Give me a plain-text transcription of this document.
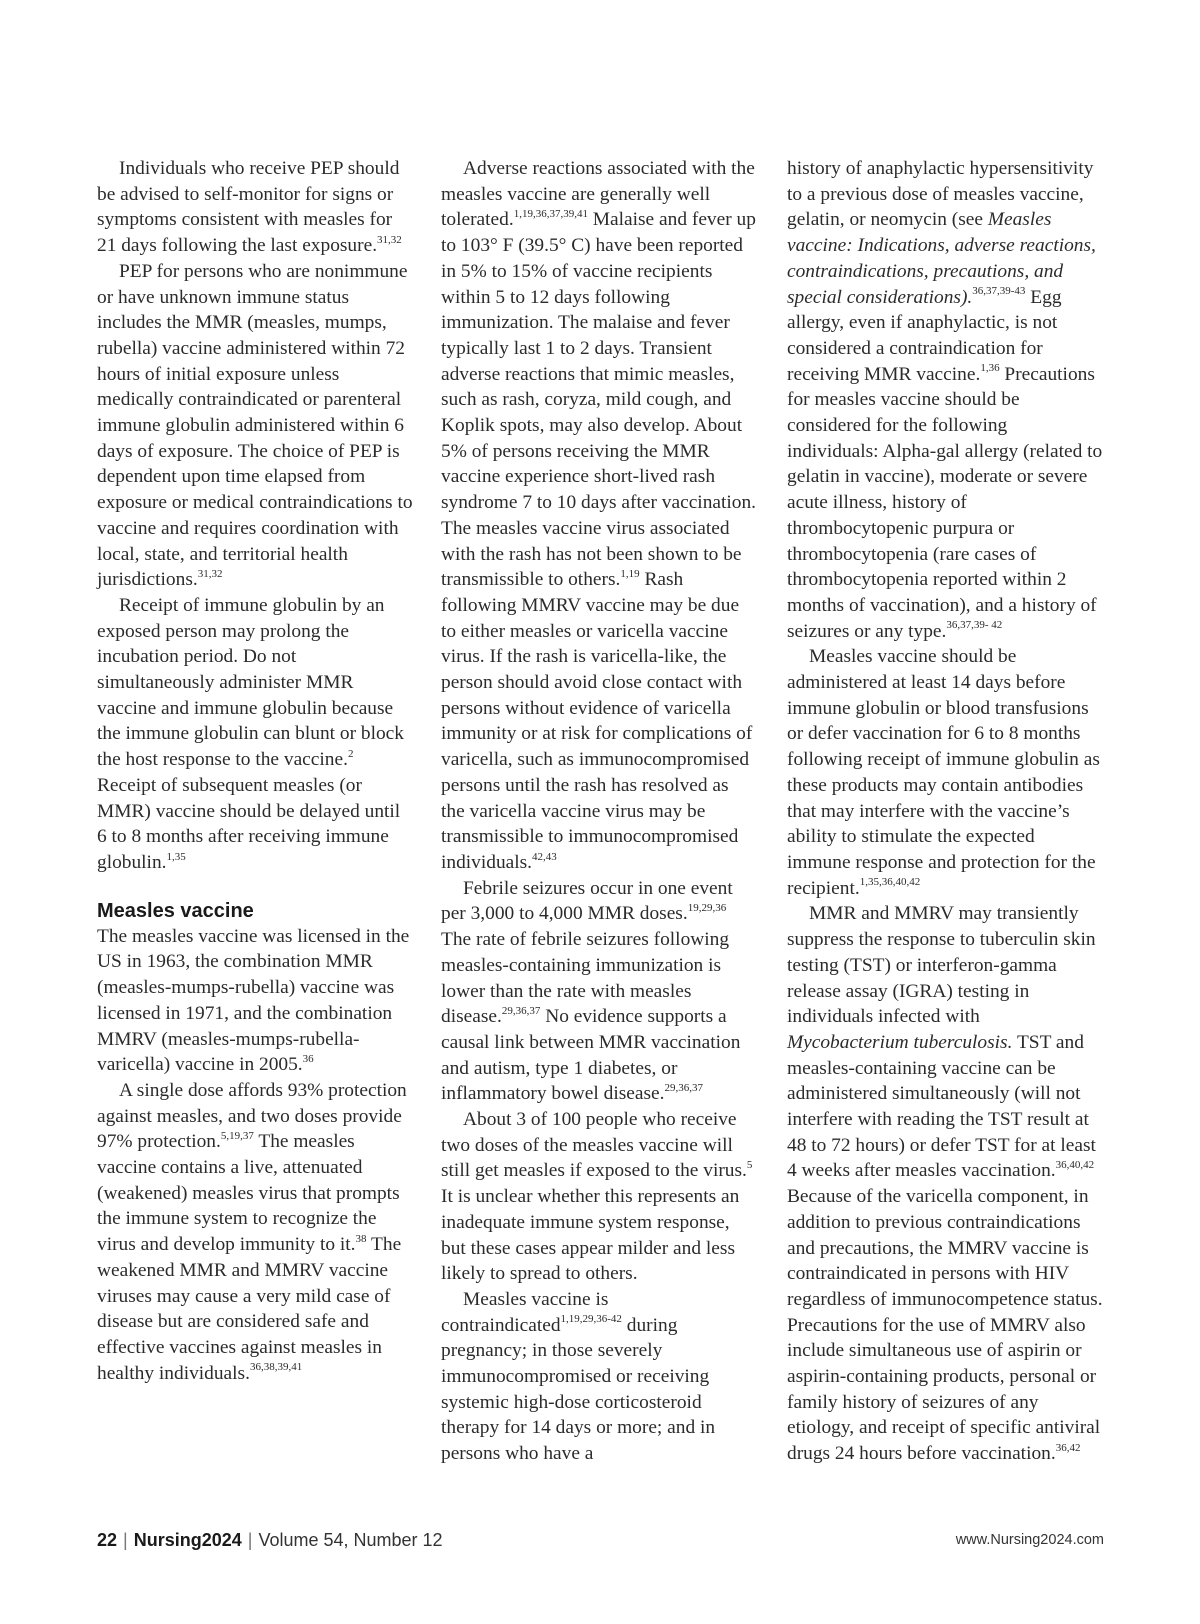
Individuals who receive PEP should be advised to self-monitor for signs or symptoms consistent with measles for 21 days following the last exposure.$^{31,32}$

PEP for persons who are nonimmune or have unknown immune status includes the MMR (measles, mumps, rubella) vaccine administered within 72 hours of initial exposure unless medically contraindicated or parenteral immune globulin administered within 6 days of exposure. The choice of PEP is dependent upon time elapsed from exposure or medical contraindications to vaccine and requires coordination with local, state, and territorial health jurisdictions.$^{31,32}$

Receipt of immune globulin by an exposed person may prolong the incubation period. Do not simultaneously administer MMR vaccine and immune globulin because the immune globulin can blunt or block the host response to the vaccine.$^2$ Receipt of subsequent measles (or MMR) vaccine should be delayed until 6 to 8 months after receiving immune globulin.$^{1,35}$

Measles vaccine

The measles vaccine was licensed in the US in 1963, the combination MMR (measles-mumps-rubella) vaccine was licensed in 1971, and the combination MMRV (measles-mumps-rubella-varicella) vaccine in 2005.36

A single dose affords 93% protection against measles, and two doses provide 97% protection.$^{5,19,37}$ The measles vaccine contains a live, attenuated (weakened) measles virus that prompts the immune system to recognize the virus and develop immunity to it.$^{38}$ The weakened MMR and MMRV vaccine viruses may cause a very mild case of disease but are considered safe and effective vaccines against measles in healthy individuals.$^{36,38,39,41}$

Adverse reactions associated with the measles vaccine are generally well tolerated.$^{1,19,36,37,39,41}$ Malaise and fever up to 103° F (39.5° C) have been reported in 5% to 15% of vaccine recipients within 5 to 12 days following immunization. The malaise and fever typically last 1 to 2 days. Transient adverse reactions that mimic measles, such as rash, coryza, mild cough, and Koplik spots, may also develop. About 5% of persons receiving the MMR vaccine experience short-lived rash syndrome 7 to 10 days after vaccination. The measles vaccine virus associated with the rash has not been shown to be transmissible to others.$^{1,19}$ Rash following MMRV vaccine may be due to either measles or varicella vaccine virus. If the rash is varicella-like, the person should avoid close contact with persons without evidence of varicella immunity or at risk for complications of varicella, such as immunocompromised persons until the rash has resolved as the varicella vaccine virus may be transmissible to immunocompromised individuals.$^{42,43}$

Febrile seizures occur in one event per 3,000 to 4,000 MMR doses.$^{19,29,36}$ The rate of febrile seizures following measles-containing immunization is lower than the rate with measles disease.$^{29,36,37}$ No evidence supports a causal link between MMR vaccination and autism, type 1 diabetes, or inflammatory bowel disease.$^{29,36,37}$

About 3 of 100 people who receive two doses of the measles vaccine will still get measles if exposed to the virus.$^5$ It is unclear whether this represents an inadequate immune system response, but these cases appear milder and less likely to spread to others.

Measles vaccine is contraindicated$^{1,19,29,36-42}$ during pregnancy; in those severely immunocompromised or receiving systemic high-dose corticosteroid therapy for 14 days or more; and in persons who have a

history of anaphylactic hypersensitivity to a previous dose of measles vaccine, gelatin, or neomycin (see Measles vaccine: Indications, adverse reactions, contraindications, precautions, and special considerations).$^{36,37,39-43}$ Egg allergy, even if anaphylactic, is not considered a contraindication for receiving MMR vaccine.$^{1,36}$ Precautions for measles vaccine should be considered for the following individuals: Alpha-gal allergy (related to gelatin in vaccine), moderate or severe acute illness, history of thrombocytopenic purpura or thrombocytopenia (rare cases of thrombocytopenia reported within 2 months of vaccination), and a history of seizures or any type.$^{36,37,39- 42}$

Measles vaccine should be administered at least 14 days before immune globulin or blood transfusions or defer vaccination for 6 to 8 months following receipt of immune globulin as these products may contain antibodies that may interfere with the vaccine’s ability to stimulate the expected immune response and protection for the recipient.$^{1,35,36,40,42}$

MMR and MMRV may transiently suppress the response to tuberculin skin testing (TST) or interferon-gamma release assay (IGRA) testing in individuals infected with Mycobacterium tuberculosis. TST and measles-containing vaccine can be administered simultaneously (will not interfere with reading the TST result at 48 to 72 hours) or defer TST for at least 4 weeks after measles vaccination.$^{36,40,42}$ Because of the varicella component, in addition to previous contraindications and precautions, the MMRV vaccine is contraindicated in persons with HIV regardless of immunocompetence status. Precautions for the use of MMRV also include simultaneous use of aspirin or aspirin-containing products, personal or family history of seizures of any etiology, and receipt of specific antiviral drugs 24 hours before vaccination.$^{36,42}$

22 | Nursing2024 | Volume 54, Number 12	www.Nursing2024.com
